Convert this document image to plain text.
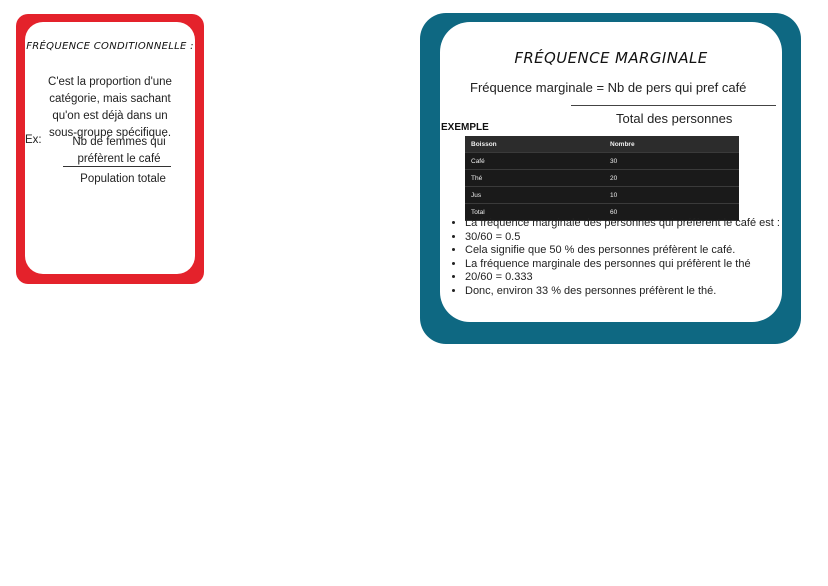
FRÉQUENCE CONDITIONNELLE :
C'est la proportion d'une catégorie, mais sachant qu'on est déjà dans un sous-groupe spécifique.
Ex:	Nb de femmes qui préfèrent le café
Population totale
FRÉQUENCE MARGINALE
Fréquence marginale = Nb de pers qui pref café
Total des personnes
EXEMPLE
Boisson	Nombre
Café	30
Thé	20
Jus	10
Total	60
• La fréquence marginale des personnes qui préfèrent le café est :
• 30/60 = 0.5
• Cela signifie que 50 % des personnes préfèrent le café.
• La fréquence marginale des personnes qui préfèrent le thé
• 20/60 = 0.333
• Donc, environ 33 % des personnes préfèrent le thé.
